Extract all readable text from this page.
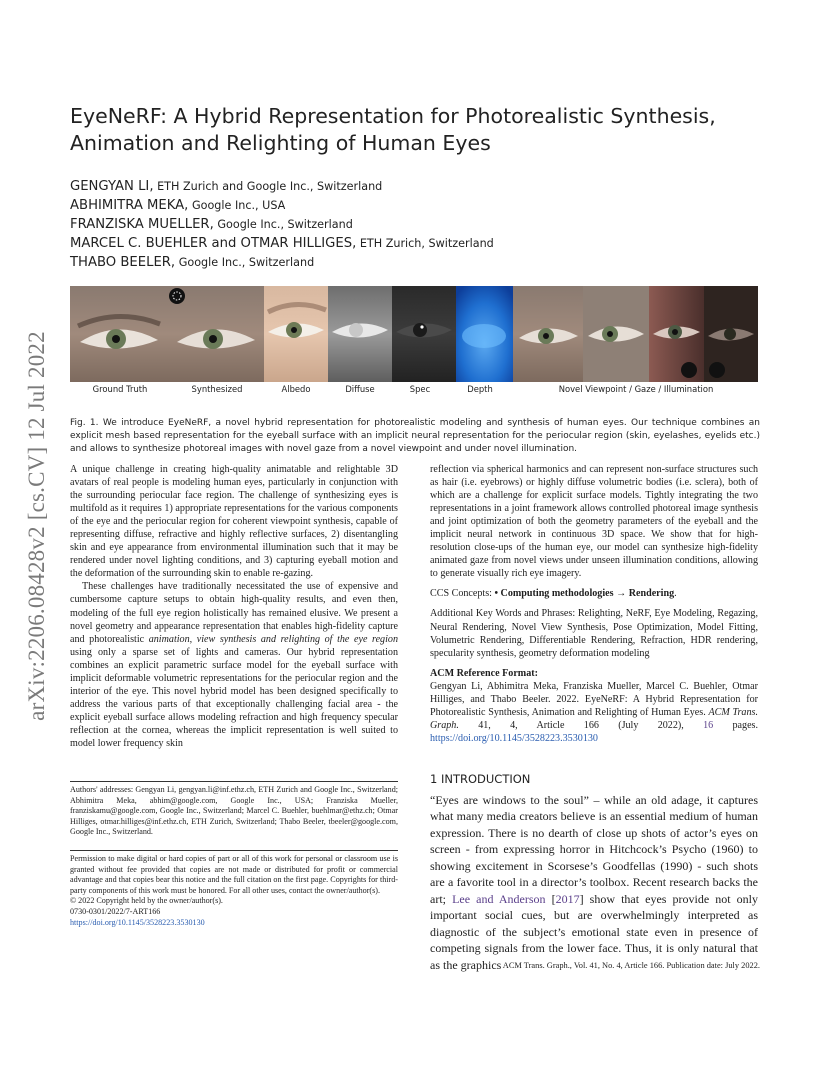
arXiv:2206.08428v2 [cs.CV] 12 Jul 2022
EyeNeRF: A Hybrid Representation for Photorealistic Synthesis,
Animation and Relighting of Human Eyes
GENGYAN LI, ETH Zurich and Google Inc., Switzerland
ABHIMITRA MEKA, Google Inc., USA
FRANZISKA MUELLER, Google Inc., Switzerland
MARCEL C. BUEHLER and OTMAR HILLIGES, ETH Zurich, Switzerland
THABO BEELER, Google Inc., Switzerland
Ground Truth	Synthesized	Albedo	Diffuse	Spec	Depth	Novel Viewpoint / Gaze / Illumination
Fig. 1. We introduce EyeNeRF, a novel hybrid representation for photorealistic modeling and synthesis of human eyes. Our technique combines an explicit mesh based representation for the eyeball surface with an implicit neural representation for the periocular region (skin, eyelashes, eyelids etc.) and allows to synthesize photoreal images with novel gaze from a novel viewpoint and under novel illumination.

A unique challenge in creating high-quality animatable and relightable 3D avatars of real people is modeling human eyes, particularly in conjunction with the surrounding periocular face region. The challenge of synthesizing eyes is multifold as it requires 1) appropriate representations for the various components of the eye and the periocular region for coherent viewpoint synthesis, capable of representing diffuse, refractive and highly reflective surfaces, 2) disentangling skin and eye appearance from environmental illumination such that it may be rendered under novel lighting conditions, and 3) capturing eyeball motion and the deformation of the surrounding skin to enable re-gazing.

These challenges have traditionally necessitated the use of expensive and cumbersome capture setups to obtain high-quality results, and even then, modeling of the full eye region holistically has remained elusive. We present a novel geometry and appearance representation that enables high-fidelity capture and photorealistic animation, view synthesis and relighting of the eye region using only a sparse set of lights and cameras. Our hybrid representation combines an explicit parametric surface model for the eyeball surface with implicit deformable volumetric representations for the periocular region and the interior of the eye. This novel hybrid model has been designed specifically to address the various parts of that exceptionally challenging facial area - the explicit eyeball surface allows modeling refraction and high frequency specular reflection at the cornea, whereas the implicit representation is well suited to model lower frequency skin

Authors' addresses: Gengyan Li, gengyan.li@inf.ethz.ch, ETH Zurich and Google Inc., Switzerland; Abhimitra Meka, abhim@google.com, Google Inc., USA; Franziska Mueller, franziskamu@google.com, Google Inc., Switzerland; Marcel C. Buehler, buehlmar@ethz.ch; Otmar Hilliges, otmar.hilliges@inf.ethz.ch, ETH Zurich, Switzerland; Thabo Beeler, tbeeler@google.com, Google Inc., Switzerland.
Permission to make digital or hard copies of part or all of this work for personal or classroom use is granted without fee provided that copies are not made or distributed for profit or commercial advantage and that copies bear this notice and the full citation on the first page. Copyrights for third-party components of this work must be honored. For all other uses, contact the owner/author(s).
© 2022 Copyright held by the owner/author(s).
0730-0301/2022/7-ART166
https://doi.org/10.1145/3528223.3530130

reflection via spherical harmonics and can represent non-surface structures such as hair (i.e. eyebrows) or highly diffuse volumetric bodies (i.e. sclera), both of which are a challenge for explicit surface models. Tightly integrating the two representations in a joint framework allows controlled photoreal image synthesis and joint optimization of both the geometry parameters of the eyeball and the implicit neural network in continuous 3D space. We show that for high-resolution close-ups of the human eye, our model can synthesize high-fidelity animated gaze from novel views under unseen illumination conditions, allowing to generate visually rich eye imagery.

CCS Concepts: • Computing methodologies → Rendering.

Additional Key Words and Phrases: Relighting, NeRF, Eye Modeling, Regazing, Neural Rendering, Novel View Synthesis, Pose Optimization, Model Fitting, Volumetric Rendering, Differentiable Rendering, Refraction, HDR rendering, specularity synthesis, geometry deformation modeling

ACM Reference Format:

Gengyan Li, Abhimitra Meka, Franziska Mueller, Marcel C. Buehler, Otmar Hilliges, and Thabo Beeler. 2022. EyeNeRF: A Hybrid Representation for Photorealistic Synthesis, Animation and Relighting of Human Eyes. ACM Trans. Graph. 41, 4, Article 166 (July 2022), 16 pages. https://doi.org/10.1145/3528223.3530130

1 INTRODUCTION
“Eyes are windows to the soul” – while an old adage, it captures what many media creators believe is an essential medium of human expression. There is no dearth of close up shots of actor’s eyes on screen - from expressing horror in Hitchcock’s Psycho (1960) to showing excitement in Scorsese’s Goodfellas (1990) - such shots are a favorite tool in a director’s toolbox. Recent research backs the art; Lee and Anderson [2017] show that eyes provide not only important social cues, but are overwhelmingly interpreted as diagnostic of the subject’s emotional state even in presence of competing signals from the lower face. Thus, it is only natural that as the graphics ACM Trans. Graph., Vol. 41, No. 4, Article 166. Publication date: July 2022.
